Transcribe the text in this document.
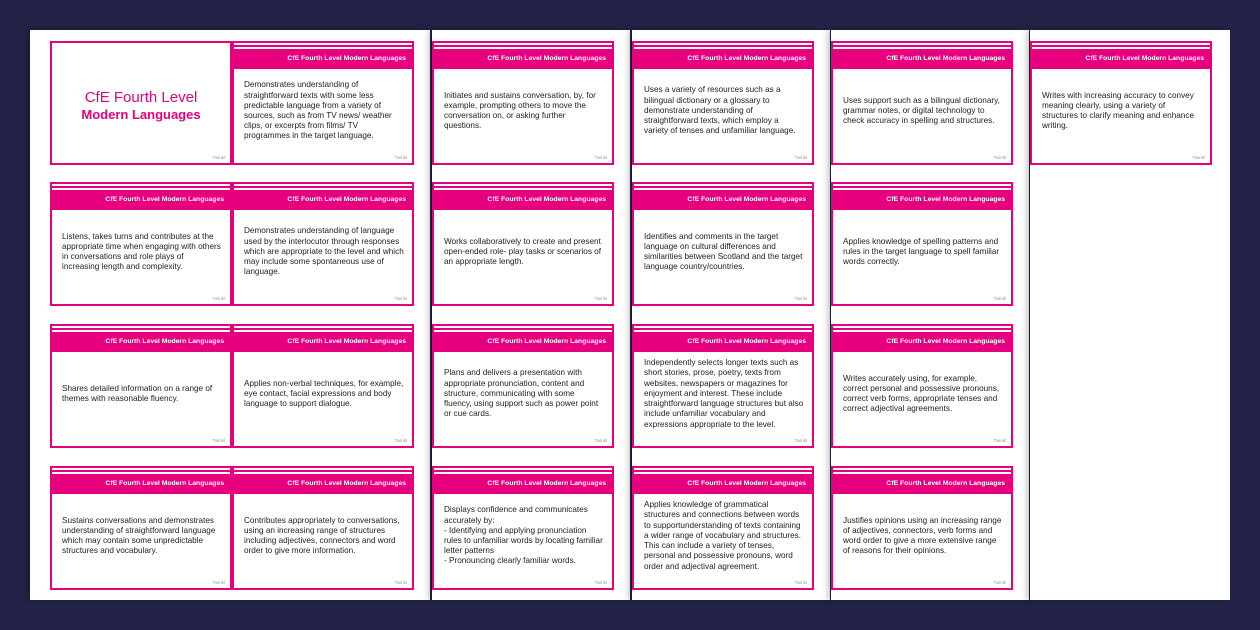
CfE Fourth Level
Modern Languages
Twinkl
CfE Fourth Level Modern Languages
Demonstrates understanding of straightforward texts with some less predictable language from a variety of sources, such as from TV news/ weather clips, or excerpts from films/ TV programmes in the target language.
Twinkl
CfE Fourth Level Modern Languages
Initiates and sustains conversation, by, for example, prompting others to move the conversation on, or asking further questions.
Twinkl
CfE Fourth Level Modern Languages
Uses a variety of resources such as a bilingual dictionary or a glossary to demonstrate understanding of straightforward texts, which employ a variety of tenses and unfamiliar language.
Twinkl
CfE Fourth Level Modern Languages
Uses support such as a bilingual dictionary, grammar notes, or digital technology to check accuracy in spelling and structures.
Twinkl
CfE Fourth Level Modern Languages
Writes with increasing accuracy to convey meaning clearly, using a variety of structures to clarify meaning and enhance writing.
Twinkl
CfE Fourth Level Modern Languages
Listens, takes turns and contributes at the appropriate time when engaging with others in conversations and role plays of increasing length and complexity.
Twinkl
CfE Fourth Level Modern Languages
Demonstrates understanding of language used by the interlocutor through responses which are appropriate to the level and which may include some spontaneous use of language.
Twinkl
CfE Fourth Level Modern Languages
Works collaboratively to create and present open-ended role- play tasks or scenarios of an appropriate length.
Twinkl
CfE Fourth Level Modern Languages
Identifies and comments in the target language on cultural differences and similarities between Scotland and the target language country/countries.
Twinkl
CfE Fourth Level Modern Languages
Applies knowledge of spelling patterns and rules in the target language to spell familiar words correctly.
Twinkl
CfE Fourth Level Modern Languages
Shares detailed information on a range of themes with reasonable fluency.
Twinkl
CfE Fourth Level Modern Languages
Applies non-verbal techniques, for example, eye contact, facial expressions and body language to support dialogue.
Twinkl
CfE Fourth Level Modern Languages
Plans and delivers a presentation with appropriate pronunciation, content and structure, communicating with some fluency, using support such as power point or cue cards.
Twinkl
CfE Fourth Level Modern Languages
Independently selects longer texts such as short stories, prose, poetry, texts from websites, newspapers or magazines for enjoyment and interest. These include straightforward language structures but also include unfamiliar vocabulary and expressions appropriate to the level.
Twinkl
CfE Fourth Level Modern Languages
Writes accurately using, for example, correct personal and possessive pronouns, correct verb forms, appropriate tenses and correct adjectival agreements.
Twinkl
CfE Fourth Level Modern Languages
Sustains conversations and demonstrates understanding of straightforward language which may contain some unpredictable structures and vocabulary.
Twinkl
CfE Fourth Level Modern Languages
Contributes appropriately to conversations, using an increasing range of structures including adjectives, connectors and word order to give more information.
Twinkl
CfE Fourth Level Modern Languages
Displays confidence and communicates accurately by:
- Identifying and applying pronunciation rules to unfamiliar words by locating familiar letter patterns
- Pronouncing clearly familiar words.
Twinkl
CfE Fourth Level Modern Languages
Applies knowledge of grammatical structures and connections between words to supportunderstanding of texts containing a wider range of vocabulary and structures. This can include a variety of tenses, personal and possessive pronouns, word order and adjectival agreement.
Twinkl
CfE Fourth Level Modern Languages
Justifies opinions using an increasing range of adjectives, connectors, verb forms and word order to give a more extensive range of reasons for their opinions.
Twinkl
